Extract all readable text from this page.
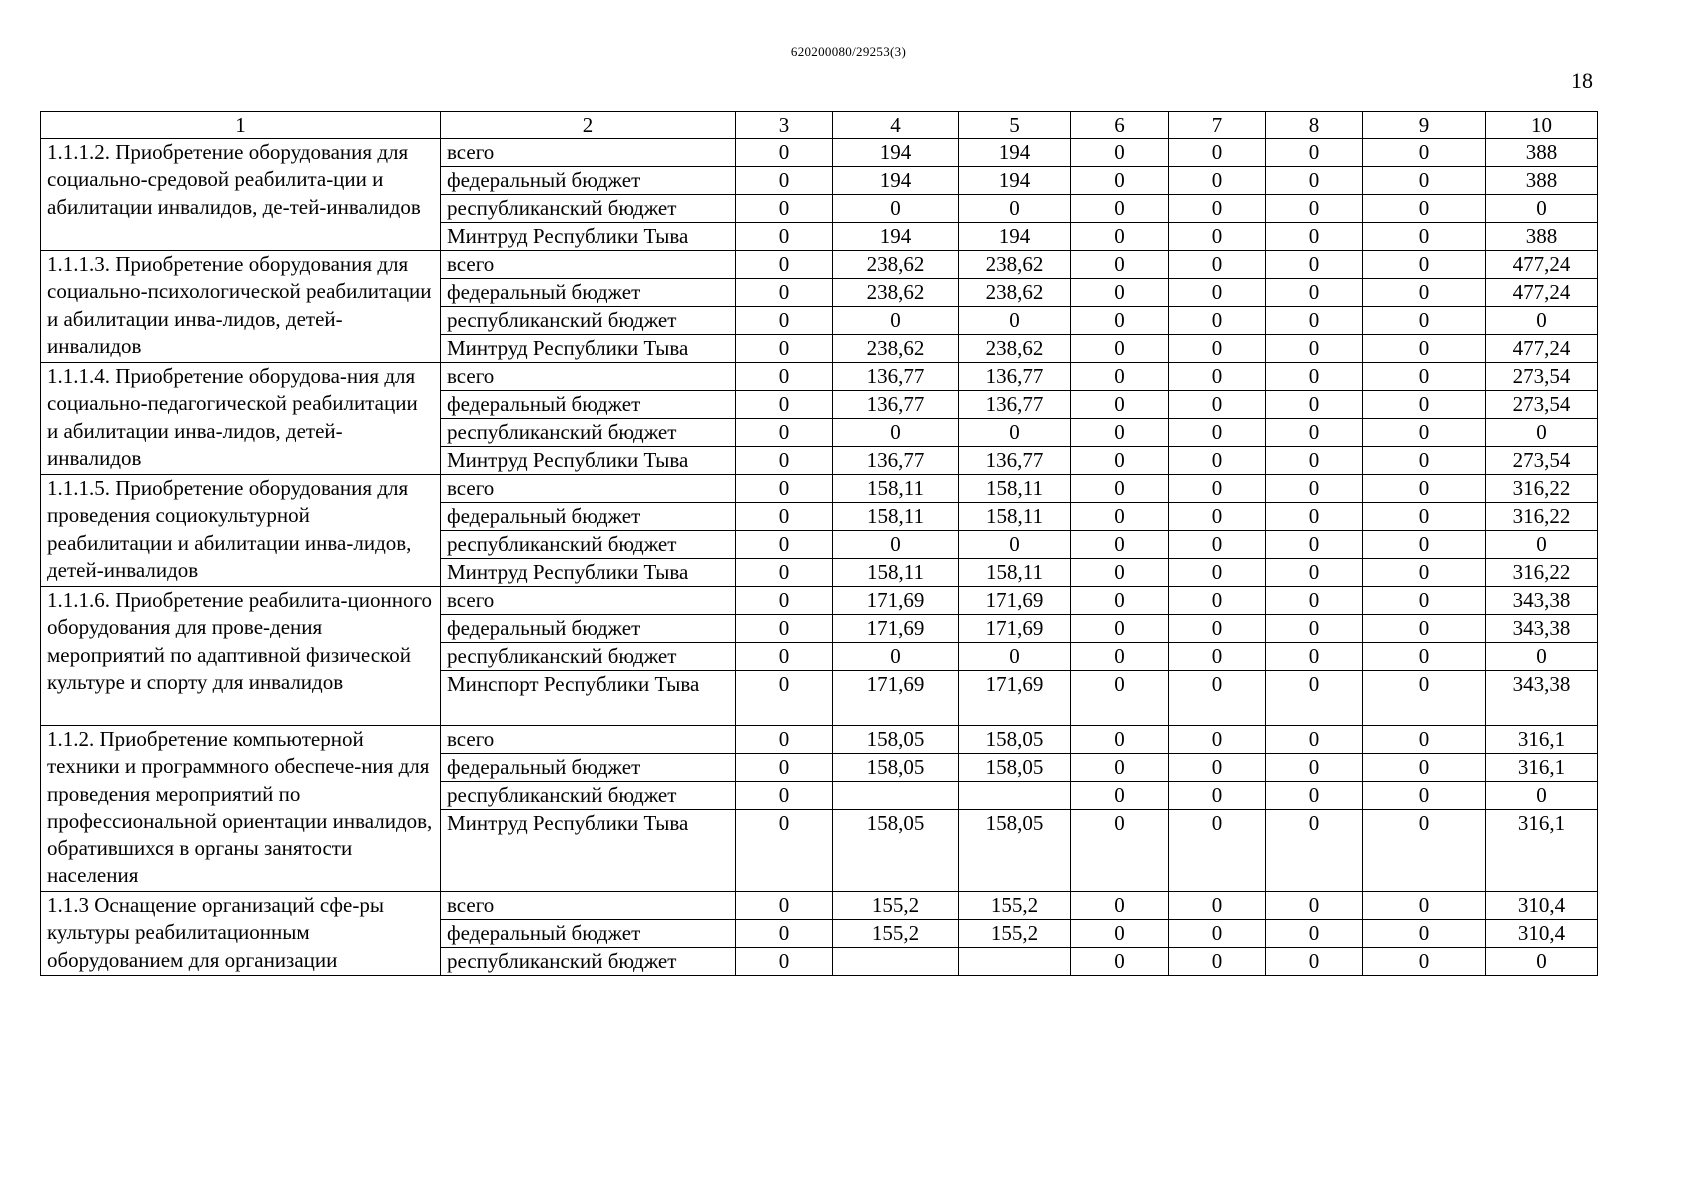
620200080/29253(3)
18
1	2	3	4	5	6	7	8	9	10
1.1.1.2. Приобретение оборудования для социально-средовой реабилита-ции и абилитации инвалидов, де-тей-инвалидов	всего	0	194	194	0	0	0	0	388
	федеральный бюджет	0	194	194	0	0	0	0	388
	республиканский бюджет	0	0	0	0	0	0	0	0
	Минтруд Республики Тыва	0	194	194	0	0	0	0	388
1.1.1.3. Приобретение оборудования для социально-психологической реабилитации и абилитации инва-лидов, детей-инвалидов	всего	0	238,62	238,62	0	0	0	0	477,24
	федеральный бюджет	0	238,62	238,62	0	0	0	0	477,24
	республиканский бюджет	0	0	0	0	0	0	0	0
	Минтруд Республики Тыва	0	238,62	238,62	0	0	0	0	477,24
1.1.1.4. Приобретение оборудова-ния для социально-педагогической реабилитации и абилитации инва-лидов, детей-инвалидов	всего	0	136,77	136,77	0	0	0	0	273,54
	федеральный бюджет	0	136,77	136,77	0	0	0	0	273,54
	республиканский бюджет	0	0	0	0	0	0	0	0
	Минтруд Республики Тыва	0	136,77	136,77	0	0	0	0	273,54
1.1.1.5. Приобретение оборудования для проведения социокультурной реабилитации и абилитации инва-лидов, детей-инвалидов	всего	0	158,11	158,11	0	0	0	0	316,22
	федеральный бюджет	0	158,11	158,11	0	0	0	0	316,22
	республиканский бюджет	0	0	0	0	0	0	0	0
	Минтруд Республики Тыва	0	158,11	158,11	0	0	0	0	316,22
1.1.1.6. Приобретение реабилита-ционного оборудования для прове-дения мероприятий по адаптивной физической культуре и спорту для инвалидов	всего	0	171,69	171,69	0	0	0	0	343,38
	федеральный бюджет	0	171,69	171,69	0	0	0	0	343,38
	республиканский бюджет	0	0	0	0	0	0	0	0
	Минспорт Республики Тыва	0	171,69	171,69	0	0	0	0	343,38
1.1.2. Приобретение компьютерной техники и программного обеспече-ния для проведения мероприятий по профессиональной ориентации инвалидов, обратившихся в органы занятости населения	всего	0	158,05	158,05	0	0	0	0	316,1
	федеральный бюджет	0	158,05	158,05	0	0	0	0	316,1
	республиканский бюджет	0			0	0	0	0	0
	Минтруд Республики Тыва	0	158,05	158,05	0	0	0	0	316,1
1.1.3 Оснащение организаций сфе-ры культуры реабилитационным оборудованием для организации	всего	0	155,2	155,2	0	0	0	0	310,4
	федеральный бюджет	0	155,2	155,2	0	0	0	0	310,4
	республиканский бюджет	0			0	0	0	0	0
